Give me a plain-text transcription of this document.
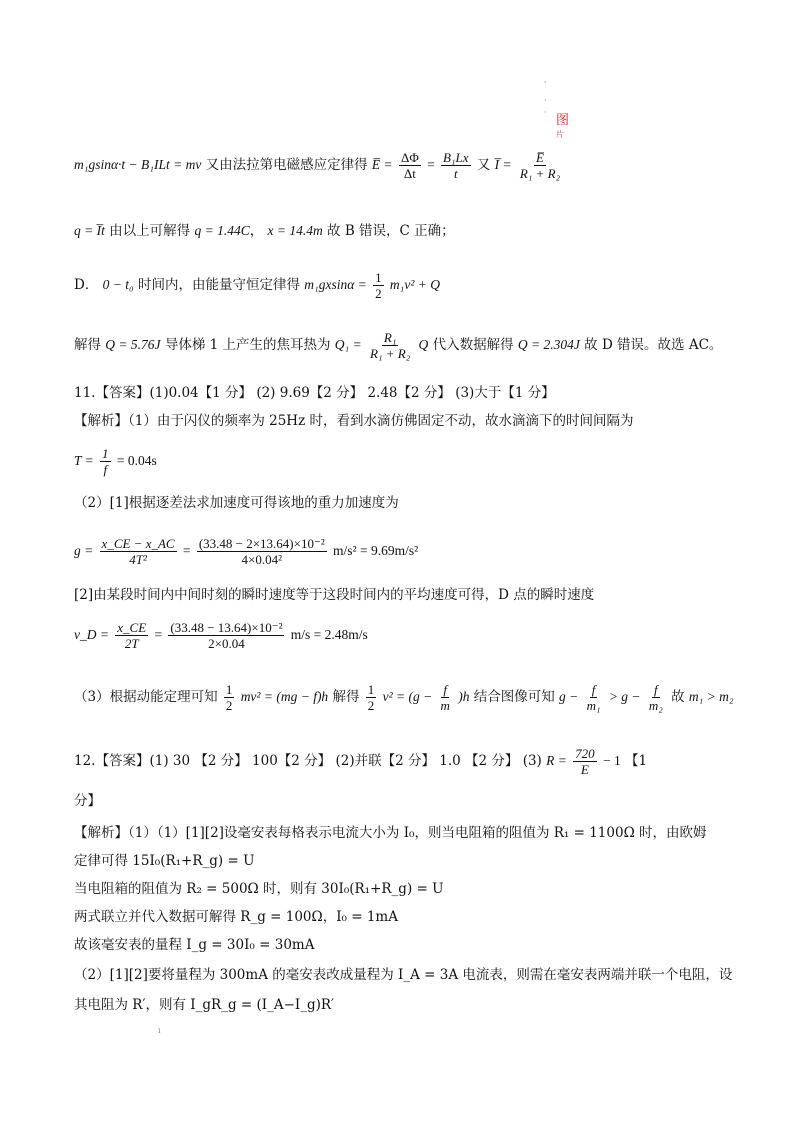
'
·
·
图
片
m₁gsinα·t − B₁ILt = mv 又由法拉第电磁感应定律得 E̅ = $\frac{\Delta\Phi}{\Delta t} = \frac{\text{B₁Lx}}{t}$ 又 I̅ = $\frac{E̅}{\text{R₁ + R₂}}$
q = I̅t 由以上可解得 q = 1.44C， x = 14.4m 故 B 错误，C 正确；
D． 0 − t₀ 时间内，由能量守恒定律得 $m_1gxsin\alpha = \frac{1}{2} m_1v^2 + Q$
解得 Q = 5.76J 导体梯 1 上产生的焦耳热为 $Q_1 = \frac{\text{R₁}}{\text{R₁ + R₂}}$ Q 代入数据解得 Q = 2.304J 故 D 错误。故选 AC。
11.【答案】(1)0.04【1 分】 (2) 9.69【2 分】 2.48【2 分】 (3)大于【1 分】
【解析】（1）由于闪仪的频率为 25Hz 时，看到水滴仿佛固定不动，故水滴滴下的时间间隔为
$T = \frac{1}{f} = 0.04s$
（2）[1]根据逐差法求加速度可得该地的重力加速度为
$g = \frac{x\_CE - x\_AC}{\text{4T²}} = \frac{\text{(33.48 − 2×13.64)×10⁻²}}{\text{4×0.04²}} m/s^2 = 9.69m/s^2$
[2]由某段时间内中间时刻的瞬时速度等于这段时间内的平均速度可得，D 点的瞬时速度
v_D = $\frac{x\_CE}{2T} = \frac{\text{(33.48 − 13.64)×10⁻²}}{2\times 0.04} m/s = 2.48m/s$
（3）根据动能定理可知 $\frac{1}{2} mv^2 = (mg - f)h$ 解得 $\frac{1}{2} v^2 = (g - \frac{f}{m} )h$ 结合图像可知 $g - \frac{f}{\text{m₁}} > g - \frac{f}{\text{m₂}}$ 故 m₁ > m₂
12.【答案】(1) 30 【2 分】 100【2 分】 (2)并联【2 分】 1.0 【2 分】 (3) $R = \frac{720}{E} - 1$ 【1
分】
【解析】（1）（1）[1][2]设毫安表每格表示电流大小为 I₀，则当电阻箱的阻值为 R₁ = 1100Ω 时，由欧姆
定律可得 15I₀(R₁+R_g) = U
当电阻箱的阻值为 R₂ = 500Ω 时，则有 30I₀(R₁+R_g) = U
两式联立并代入数据可解得 R_g = 100Ω，I₀ = 1mA
故该毫安表的量程 I_g = 30I₀ = 30mA
（2）[1][2]要将量程为 300mA 的毫安表改成量程为 I_A = 3A 电流表，则需在毫安表两端并联一个电阻，设
其电阻为 R′，则有 I_gR_g = (I_A−I_g)R′
ı
